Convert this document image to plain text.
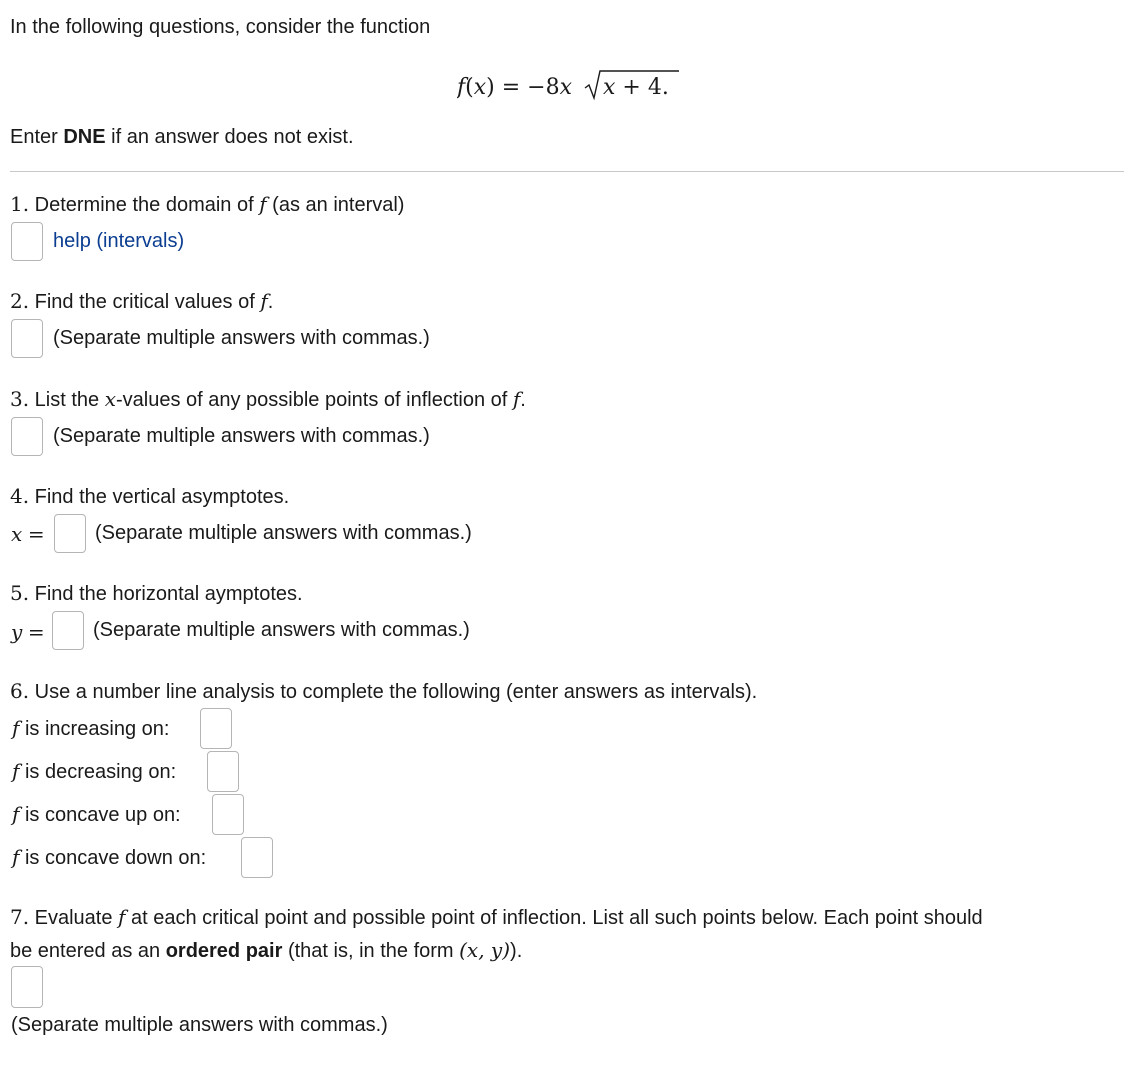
In the following questions, consider the function
f(x) = −8x x + 4.
Enter DNE if an answer does not exist.
1. Determine the domain of f (as an interval)
help (intervals)
2. Find the critical values of f.
(Separate multiple answers with commas.)
3. List the x-values of any possible points of inflection of f.
(Separate multiple answers with commas.)
4. Find the vertical asymptotes.
x =	(Separate multiple answers with commas.)
5. Find the horizontal aymptotes.
y = (Separate multiple answers with commas.)
6. Use a number line analysis to complete the following (enter answers as intervals).
f is increasing on:
f is decreasing on:
f is concave up on:
f is concave down on:
7. Evaluate f at each critical point and possible point of inflection. List all such points below. Each point should
be entered as an ordered pair (that is, in the form (x, y)).
(Separate multiple answers with commas.)
